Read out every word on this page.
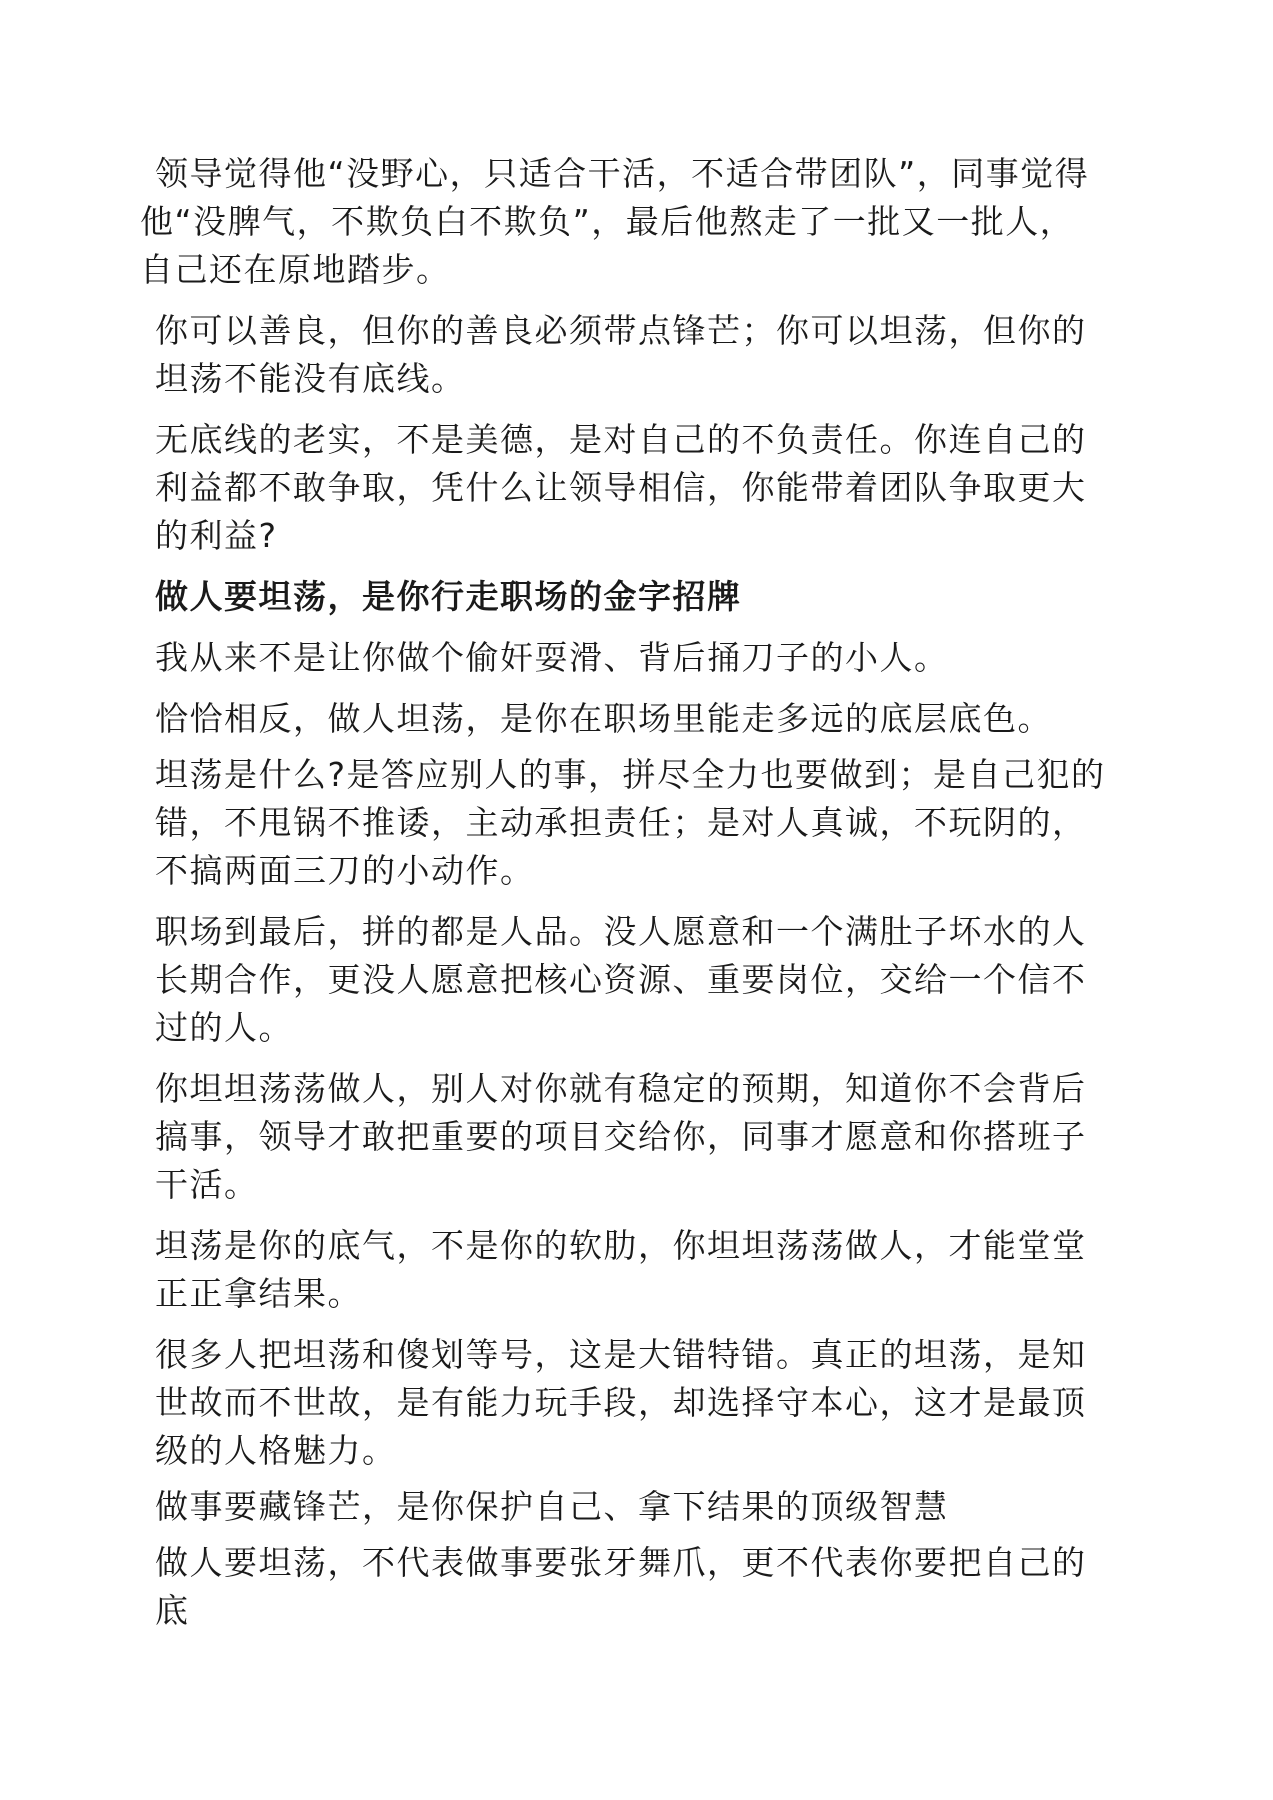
领导觉得他“没野心，只适合干活，不适合带团队”，同事觉得他“没脾气，不欺负白不欺负”，最后他熬走了一批又一批人，自己还在原地踏步。

你可以善良，但你的善良必须带点锋芒；你可以坦荡，但你的坦荡不能没有底线。

无底线的老实，不是美德，是对自己的不负责任。你连自己的利益都不敢争取，凭什么让领导相信，你能带着团队争取更大的利益?

做人要坦荡，是你行走职场的金字招牌

我从来不是让你做个偷奸耍滑、背后捅刀子的小人。

恰恰相反，做人坦荡，是你在职场里能走多远的底层底色。

坦荡是什么?是答应别人的事，拼尽全力也要做到；是自己犯的错，不甩锅不推诿，主动承担责任；是对人真诚，不玩阴的，不搞两面三刀的小动作。

职场到最后，拼的都是人品。没人愿意和一个满肚子坏水的人长期合作，更没人愿意把核心资源、重要岗位，交给一个信不过的人。

你坦坦荡荡做人，别人对你就有稳定的预期，知道你不会背后搞事，领导才敢把重要的项目交给你，同事才愿意和你搭班子干活。

坦荡是你的底气，不是你的软肋，你坦坦荡荡做人，才能堂堂正正拿结果。

很多人把坦荡和傻划等号，这是大错特错。真正的坦荡，是知世故而不世故，是有能力玩手段，却选择守本心，这才是最顶级的人格魅力。

做事要藏锋芒，是你保护自己、拿下结果的顶级智慧

做人要坦荡，不代表做事要张牙舞爪，更不代表你要把自己的底
